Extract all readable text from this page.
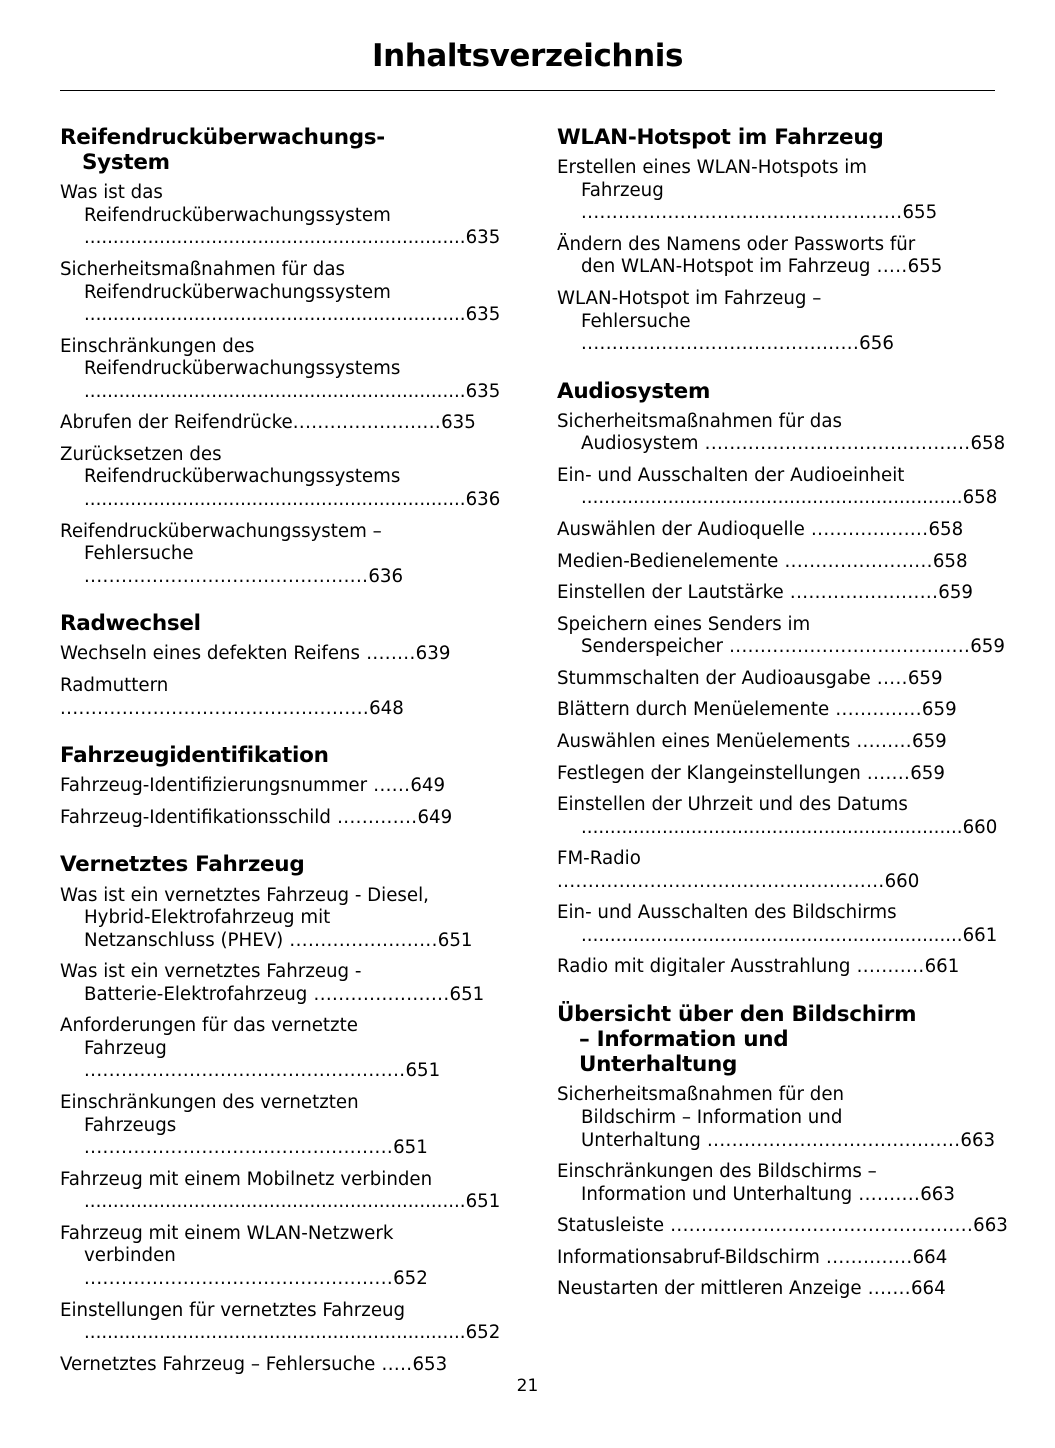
Inhaltsverzeichnis
Reifendrucküberwachungs-
System
Was ist das
Reifendrucküberwachungssystem
..................................................................635
Sicherheitsmaßnahmen für das
Reifendrucküberwachungssystem
..................................................................635
Einschränkungen des
Reifendrucküberwachungssystems
..................................................................635
Abrufen der Reifendrücke........................635
Zurücksetzen des
Reifendrucküberwachungssystems
..................................................................636
Reifendrucküberwachungssystem –
Fehlersuche ..............................................636
Radwechsel
Wechseln eines defekten Reifens ........639
Radmuttern ..................................................648
Fahrzeugidentifikation
Fahrzeug-Identifizierungsnummer ......649
Fahrzeug-Identifikationsschild .............649
Vernetztes Fahrzeug
Was ist ein vernetztes Fahrzeug - Diesel,
Hybrid-Elektrofahrzeug mit
Netzanschluss (PHEV) ........................651
Was ist ein vernetztes Fahrzeug -
Batterie-Elektrofahrzeug ......................651
Anforderungen für das vernetzte
Fahrzeug ....................................................651
Einschränkungen des vernetzten
Fahrzeugs ..................................................651
Fahrzeug mit einem Mobilnetz verbinden
..................................................................651
Fahrzeug mit einem WLAN-Netzwerk
verbinden ..................................................652
Einstellungen für vernetztes Fahrzeug
..................................................................652
Vernetztes Fahrzeug – Fehlersuche .....653
WLAN-Hotspot im Fahrzeug
Erstellen eines WLAN-Hotspots im
Fahrzeug ....................................................655
Ändern des Namens oder Passworts für
den WLAN-Hotspot im Fahrzeug .....655
WLAN-Hotspot im Fahrzeug –
Fehlersuche .............................................656
Audiosystem
Sicherheitsmaßnahmen für das
Audiosystem ...........................................658
Ein- und Ausschalten der Audioeinheit
..................................................................658
Auswählen der Audioquelle ...................658
Medien-Bedienelemente ........................658
Einstellen der Lautstärke ........................659
Speichern eines Senders im
Senderspeicher .......................................659
Stummschalten der Audioausgabe .....659
Blättern durch Menüelemente ..............659
Auswählen eines Menüelements .........659
Festlegen der Klangeinstellungen .......659
Einstellen der Uhrzeit und des Datums
..................................................................660
FM-Radio .....................................................660
Ein- und Ausschalten des Bildschirms
..................................................................661
Radio mit digitaler Ausstrahlung ...........661
Übersicht über den Bildschirm
– Information und
Unterhaltung
Sicherheitsmaßnahmen für den
Bildschirm – Information und
Unterhaltung .........................................663
Einschränkungen des Bildschirms –
Information und Unterhaltung ..........663
Statusleiste .................................................663
Informationsabruf-Bildschirm ..............664
Neustarten der mittleren Anzeige .......664
21
